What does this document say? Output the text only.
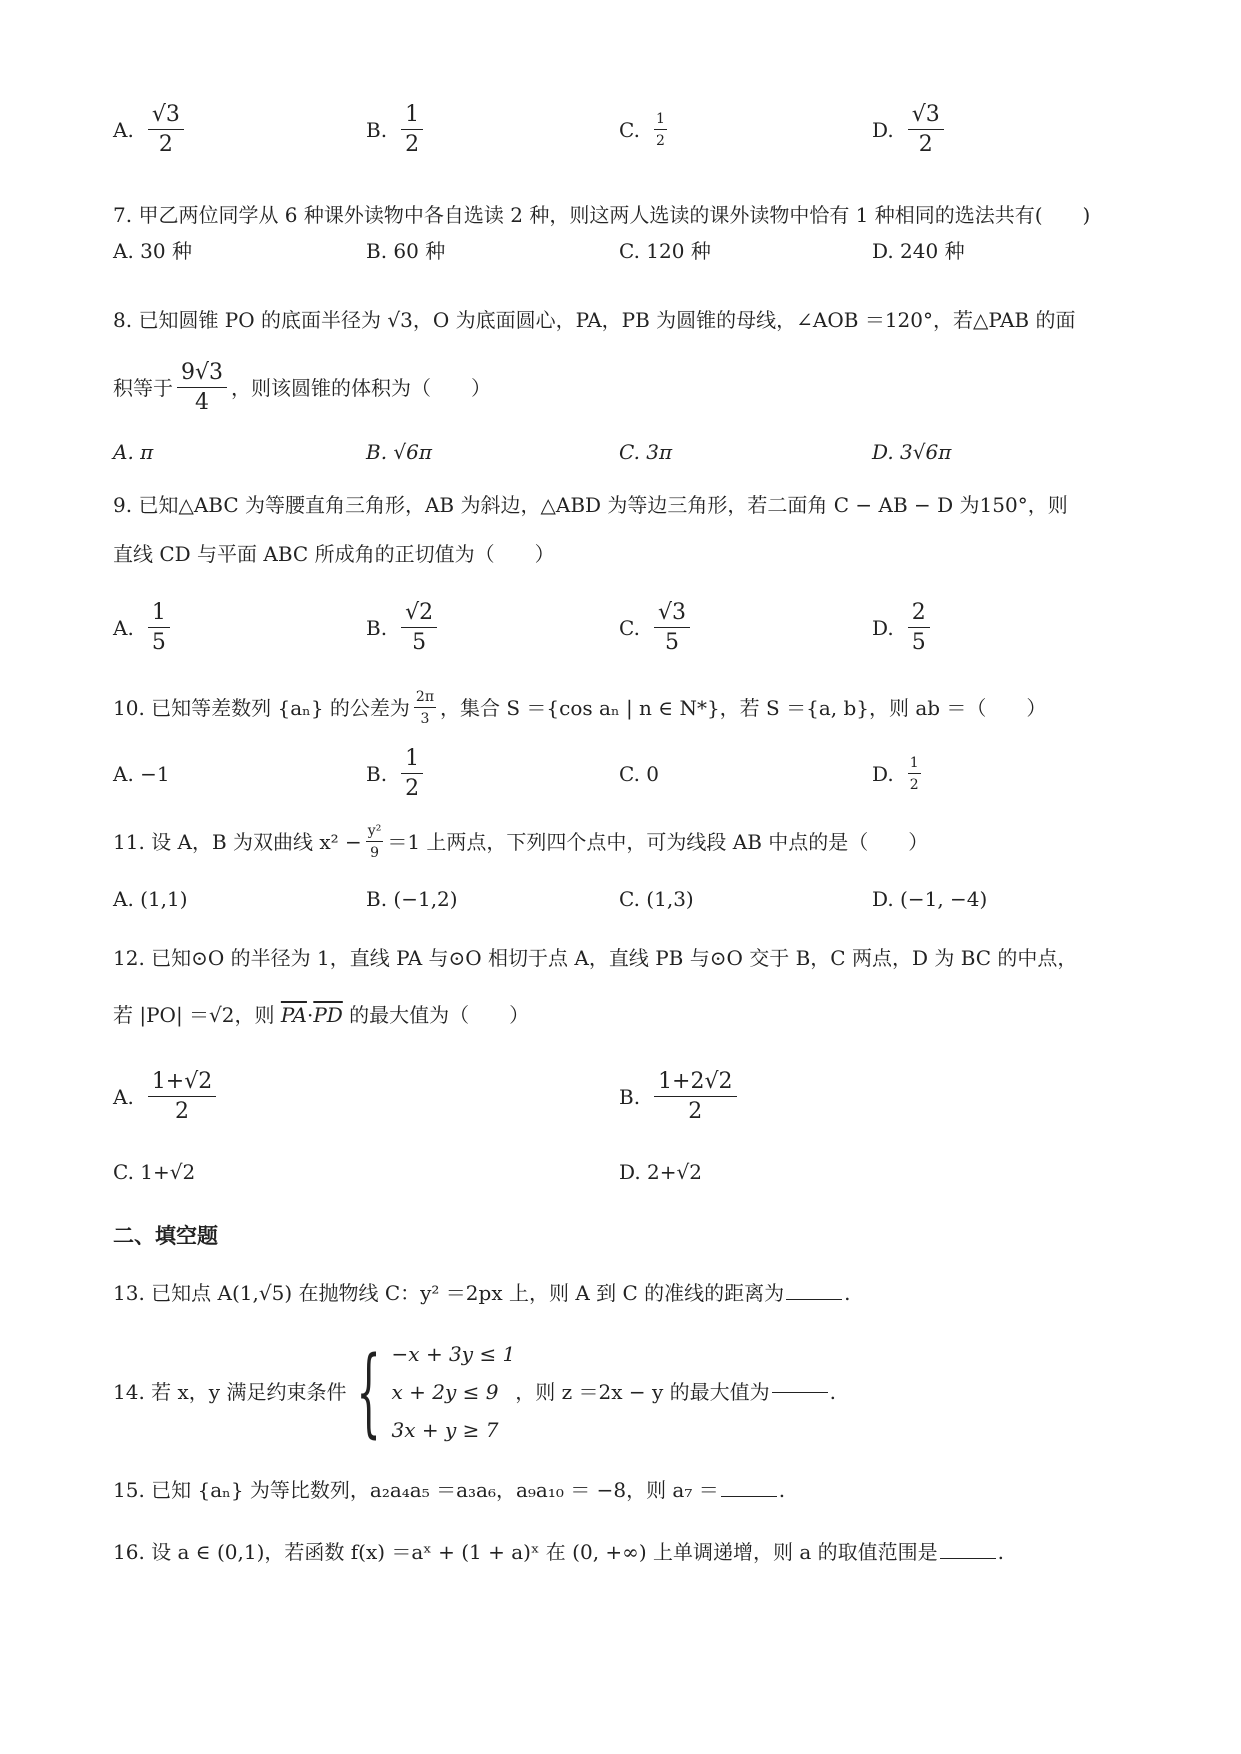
A. $\frac{√3}{2}$	B. $\frac{1}{2}$	C. $\frac{1}{2}$	D. $\frac{√3}{2}$
7. 甲乙两位同学从 6 种课外读物中各自选读 2 种，则这两人选读的课外读物中恰有 1 种相同的选法共有(  )
A. 30 种	B. 60 种	C. 120 种	D. 240 种
8. 已知圆锥 PO 的底面半径为 √3，O 为底面圆心，PA，PB 为圆锥的母线，∠AOB ＝120°，若△PAB 的面
积等于 $\frac{9√3}{4}$ ，则该圆锥的体积为（  ）
A. π	B. √6π	C. 3π	D. 3√6π
9. 已知△ABC 为等腰直角三角形，AB 为斜边，△ABD 为等边三角形，若二面角 C − AB − D 为150°，则
直线 CD 与平面 ABC 所成角的正切值为（  ）
A. $\frac{1}{5}$	B. $\frac{√2}{5}$	C. $\frac{√3}{5}$	D. $\frac{2}{5}$
10. 已知等差数列 {aₙ} 的公差为 $\frac{2\pi}{3}$ ，集合 S ＝{cos aₙ | n ∈ N*}，若 S ＝{a, b}，则 ab ＝（  ）
A. −1	B. $\frac{1}{2}$	C. 0	D. $\frac{1}{2}$
11. 设 A，B 为双曲线 $x^2 - \frac{\text{y²}}{9} =1$ 上两点，下列四个点中，可为线段 AB 中点的是（  ）
A. (1,1)	B. (−1,2)	C. (1,3)	D. (−1, −4)
12. 已知⊙O 的半径为 1，直线 PA 与⊙O 相切于点 A，直线 PB 与⊙O 交于 B，C 两点，D 为 BC 的中点，
若 |PO| ＝√2，则 $\overline{PA}\cdot\overline{PD}$ 的最大值为（  ）
A. $\frac{1+√2}{2}$	B. $\frac{1+2√2}{2}$
C. 1+√2	D. 2+√2
二、填空题
13. 已知点 A(1,√5) 在抛物线 C：y² ＝2px 上，则 A 到 C 的准线的距离为	.
14. 若 x，y 满足约束条件 { −x + 3y ≤ 1
x + 2y ≤ 9
3x + y ≥ 7
，则 z ＝2x − y 的最大值为	.
15. 已知 {aₙ} 为等比数列，a₂a₄a₅ ＝a₃a₆，a₉a₁₀ ＝ −8，则 a₇ ＝	.
16. 设 a ∈ (0,1)，若函数 f(x) ＝aˣ + (1 + a)ˣ 在 (0, +∞) 上单调递增，则 a 的取值范围是	.
